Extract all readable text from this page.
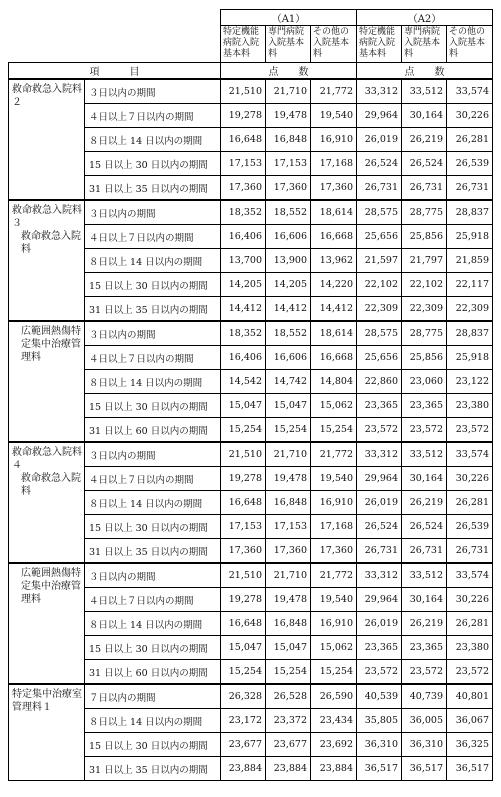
		（A1）			（A2）		
		特定機能病院入院基本料	専門病院入院基本料	その他の入院基本料	特定機能病院入院基本料	専門病院入院基本料	その他の入院基本料
項　　　目		点　　数			点　　数		
救命救急入院料２	３日以内の期間	21,510	21,710	21,772	33,312	33,512	33,574
	４日以上７日以内の期間	19,278	19,478	19,540	29,964	30,164	30,226
	８日以上 14 日以内の期間	16,648	16,848	16,910	26,019	26,219	26,281
	15 日以上 30 日以内の期間	17,153	17,153	17,168	26,524	26,524	26,539
	31 日以上 35 日以内の期間	17,360	17,360	17,360	26,731	26,731	26,731
救命救急入院料３
救命救急入院料	３日以内の期間	18,352	18,552	18,614	28,575	28,775	28,837
	４日以上７日以内の期間	16,406	16,606	16,668	25,656	25,856	25,918
	８日以上 14 日以内の期間	13,700	13,900	13,962	21,597	21,797	21,859
	15 日以上 30 日以内の期間	14,205	14,205	14,220	22,102	22,102	22,117
	31 日以上 35 日以内の期間	14,412	14,412	14,412	22,309	22,309	22,309

広範囲熱傷特定集中治療管理料	３日以内の期間	18,352	18,552	18,614	28,575	28,775	28,837
	４日以上７日以内の期間	16,406	16,606	16,668	25,656	25,856	25,918
	８日以上 14 日以内の期間	14,542	14,742	14,804	22,860	23,060	23,122
	15 日以上 30 日以内の期間	15,047	15,047	15,062	23,365	23,365	23,380
	31 日以上 60 日以内の期間	15,254	15,254	15,254	23,572	23,572	23,572
救命救急入院料４
救命救急入院料	３日以内の期間	21,510	21,710	21,772	33,312	33,512	33,574
	４日以上７日以内の期間	19,278	19,478	19,540	29,964	30,164	30,226
	８日以上 14 日以内の期間	16,648	16,848	16,910	26,019	26,219	26,281
	15 日以上 30 日以内の期間	17,153	17,153	17,168	26,524	26,524	26,539
	31 日以上 35 日以内の期間	17,360	17,360	17,360	26,731	26,731	26,731

広範囲熱傷特定集中治療管理料	３日以内の期間	21,510	21,710	21,772	33,312	33,512	33,574
	４日以上７日以内の期間	19,278	19,478	19,540	29,964	30,164	30,226
	８日以上 14 日以内の期間	16,648	16,848	16,910	26,019	26,219	26,281
	15 日以上 30 日以内の期間	15,047	15,047	15,062	23,365	23,365	23,380
	31 日以上 60 日以内の期間	15,254	15,254	15,254	23,572	23,572	23,572
特定集中治療室管理料１	７日以内の期間	26,328	26,528	26,590	40,539	40,739	40,801
	８日以上 14 日以内の期間	23,172	23,372	23,434	35,805	36,005	36,067
	15 日以上 30 日以内の期間	23,677	23,677	23,692	36,310	36,310	36,325
	31 日以上 35 日以内の期間	23,884	23,884	23,884	36,517	36,517	36,517
